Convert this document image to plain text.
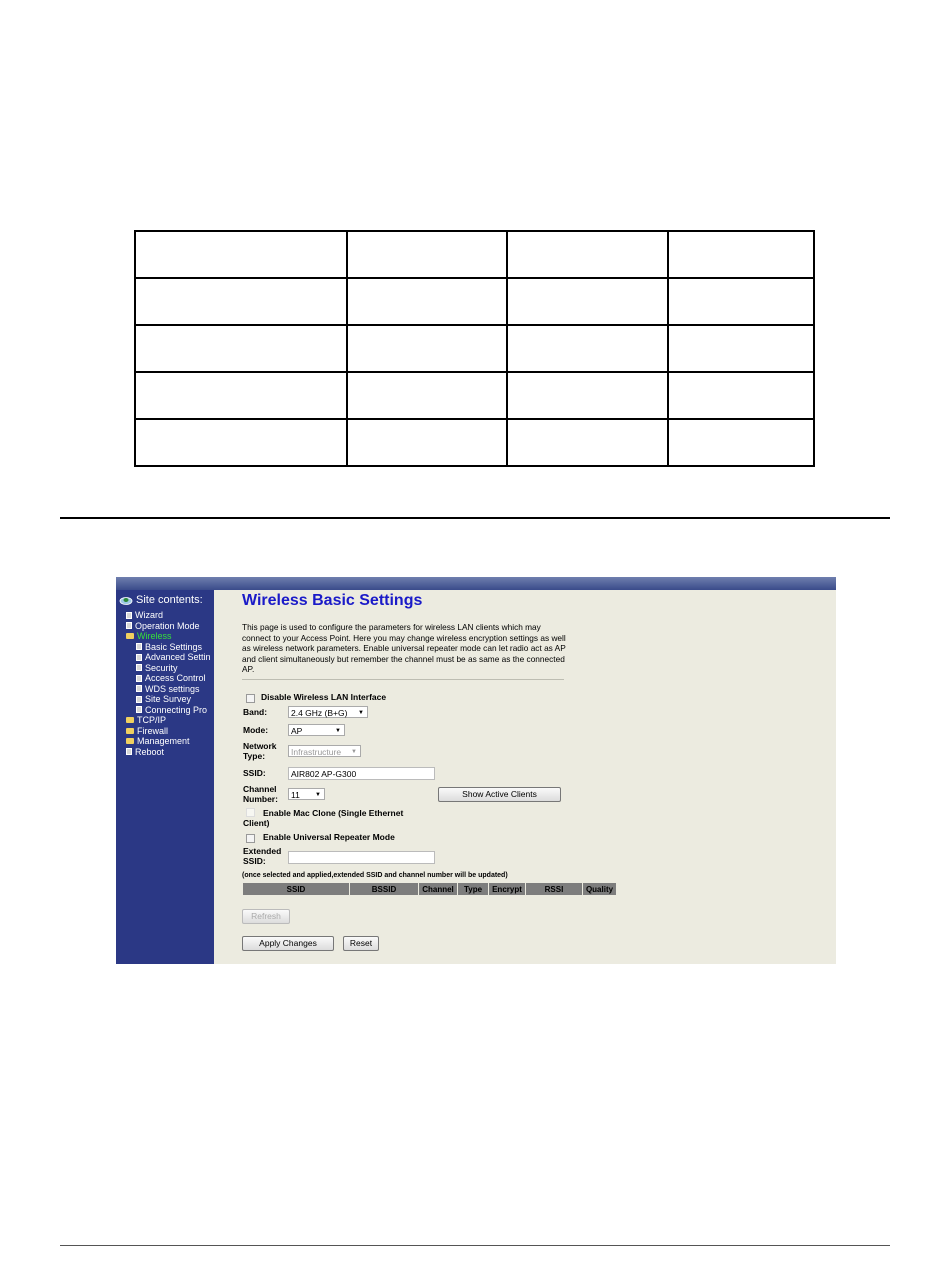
Site contents:
Wizard
Operation Mode
Wireless
Basic Settings
Advanced Settin
Security
Access Control
WDS settings
Site Survey
Connecting Pro
TCP/IP
Firewall
Management
Reboot
Wireless Basic Settings
This page is used to configure the parameters for wireless LAN clients which may connect to your Access Point. Here you may change wireless encryption settings as well as wireless network parameters. Enable universal repeater mode can let radio act as AP and client simultaneously but remember the channel must be as same as the connected AP.
Disable Wireless LAN Interface
Band:	2.4 GHz (B+G) ▼
Mode:	AP	▼
Network
Type:	Infrastructure ▼
SSID:	AIR802 AP-G300
Channel
Number:	11	▼	Show Active Clients
Enable Mac Clone (Single Ethernet
Client)
Enable Universal Repeater Mode
Extended
SSID:
(once selected and applied,extended SSID and channel number will be updated)
SSID	BSSID	Channel	Type	Encrypt	RSSI	Quality
Refresh
Apply Changes	Reset
